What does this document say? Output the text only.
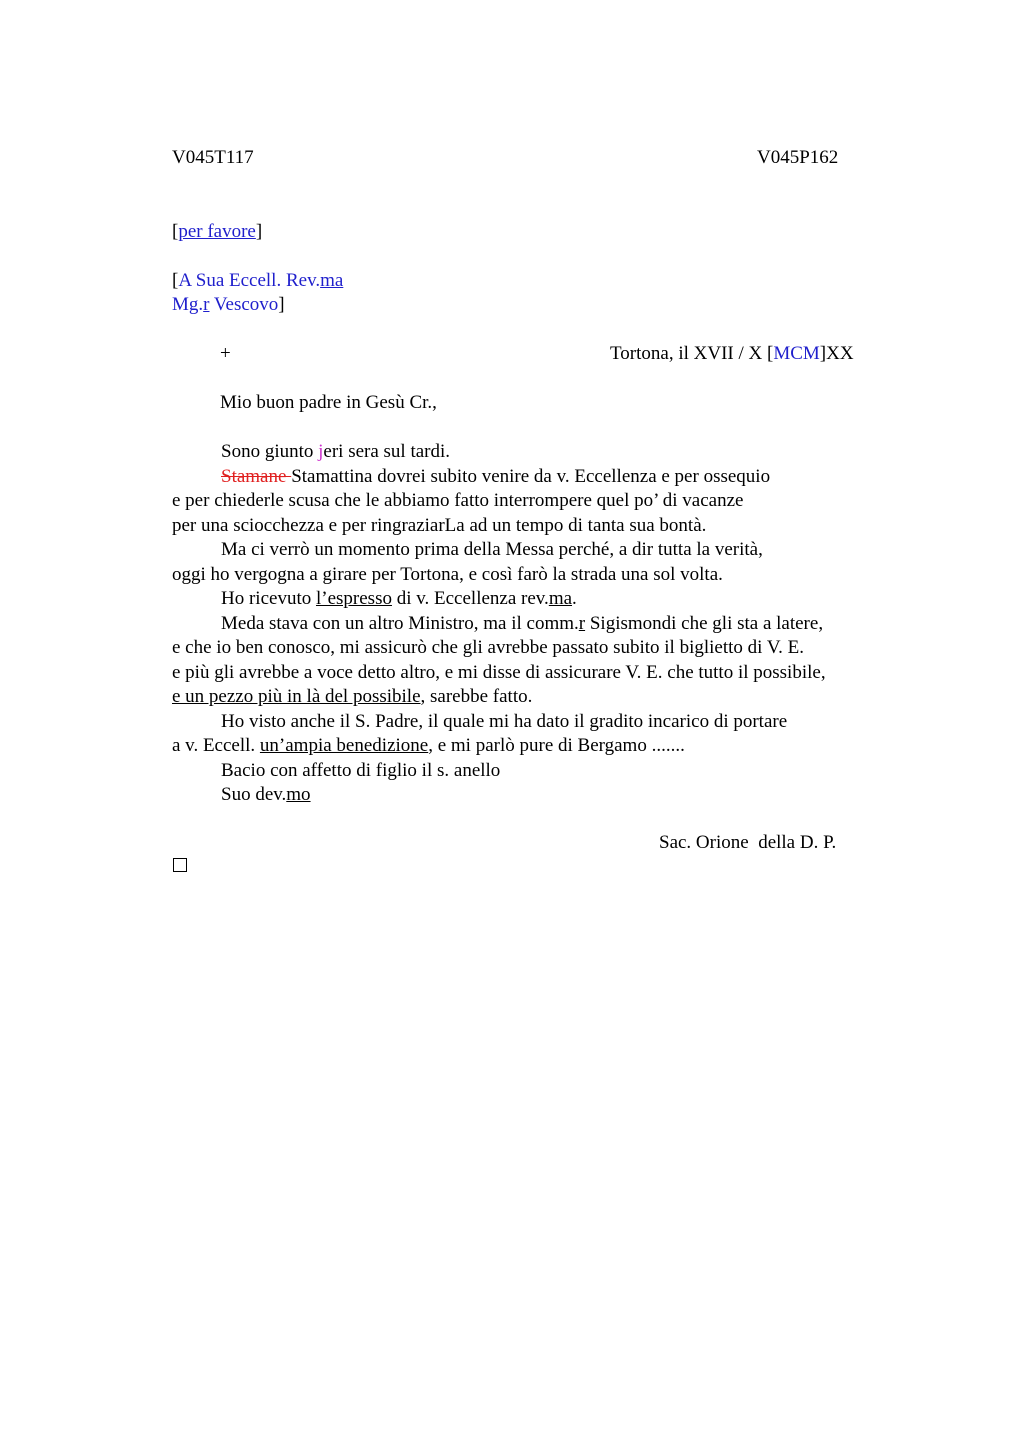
V045T117	V045P162
[per favore]
[A Sua Eccell. Rev.ma
Mg.r Vescovo]
+	Tortona, il XVII / X [MCM]XX
Mio buon padre in Gesù Cr.,
Sono giunto jeri sera sul tardi.
Stamane Stamattina dovrei subito venire da v. Eccellenza e per ossequio
e per chiederle scusa che le abbiamo fatto interrompere quel po’ di vacanze
per una sciocchezza e per ringraziarLa ad un tempo di tanta sua bontà.
Ma ci verrò un momento prima della Messa perché, a dir tutta la verità,
oggi ho vergogna a girare per Tortona, e così farò la strada una sol volta.
Ho ricevuto l’espresso di v. Eccellenza rev.ma.
Meda stava con un altro Ministro, ma il comm.r Sigismondi che gli sta a latere,
e che io ben conosco, mi assicurò che gli avrebbe passato subito il biglietto di V. E.
e più gli avrebbe a voce detto altro, e mi disse di assicurare V. E. che tutto il possibile,
e un pezzo più in là del possibile, sarebbe fatto.
Ho visto anche il S. Padre, il quale mi ha dato il gradito incarico di portare
a v. Eccell. un’ampia benedizione, e mi parlò pure di Bergamo .......
Bacio con affetto di figlio il s. anello
Suo dev.mo
Sac. Orione  della D. P.
